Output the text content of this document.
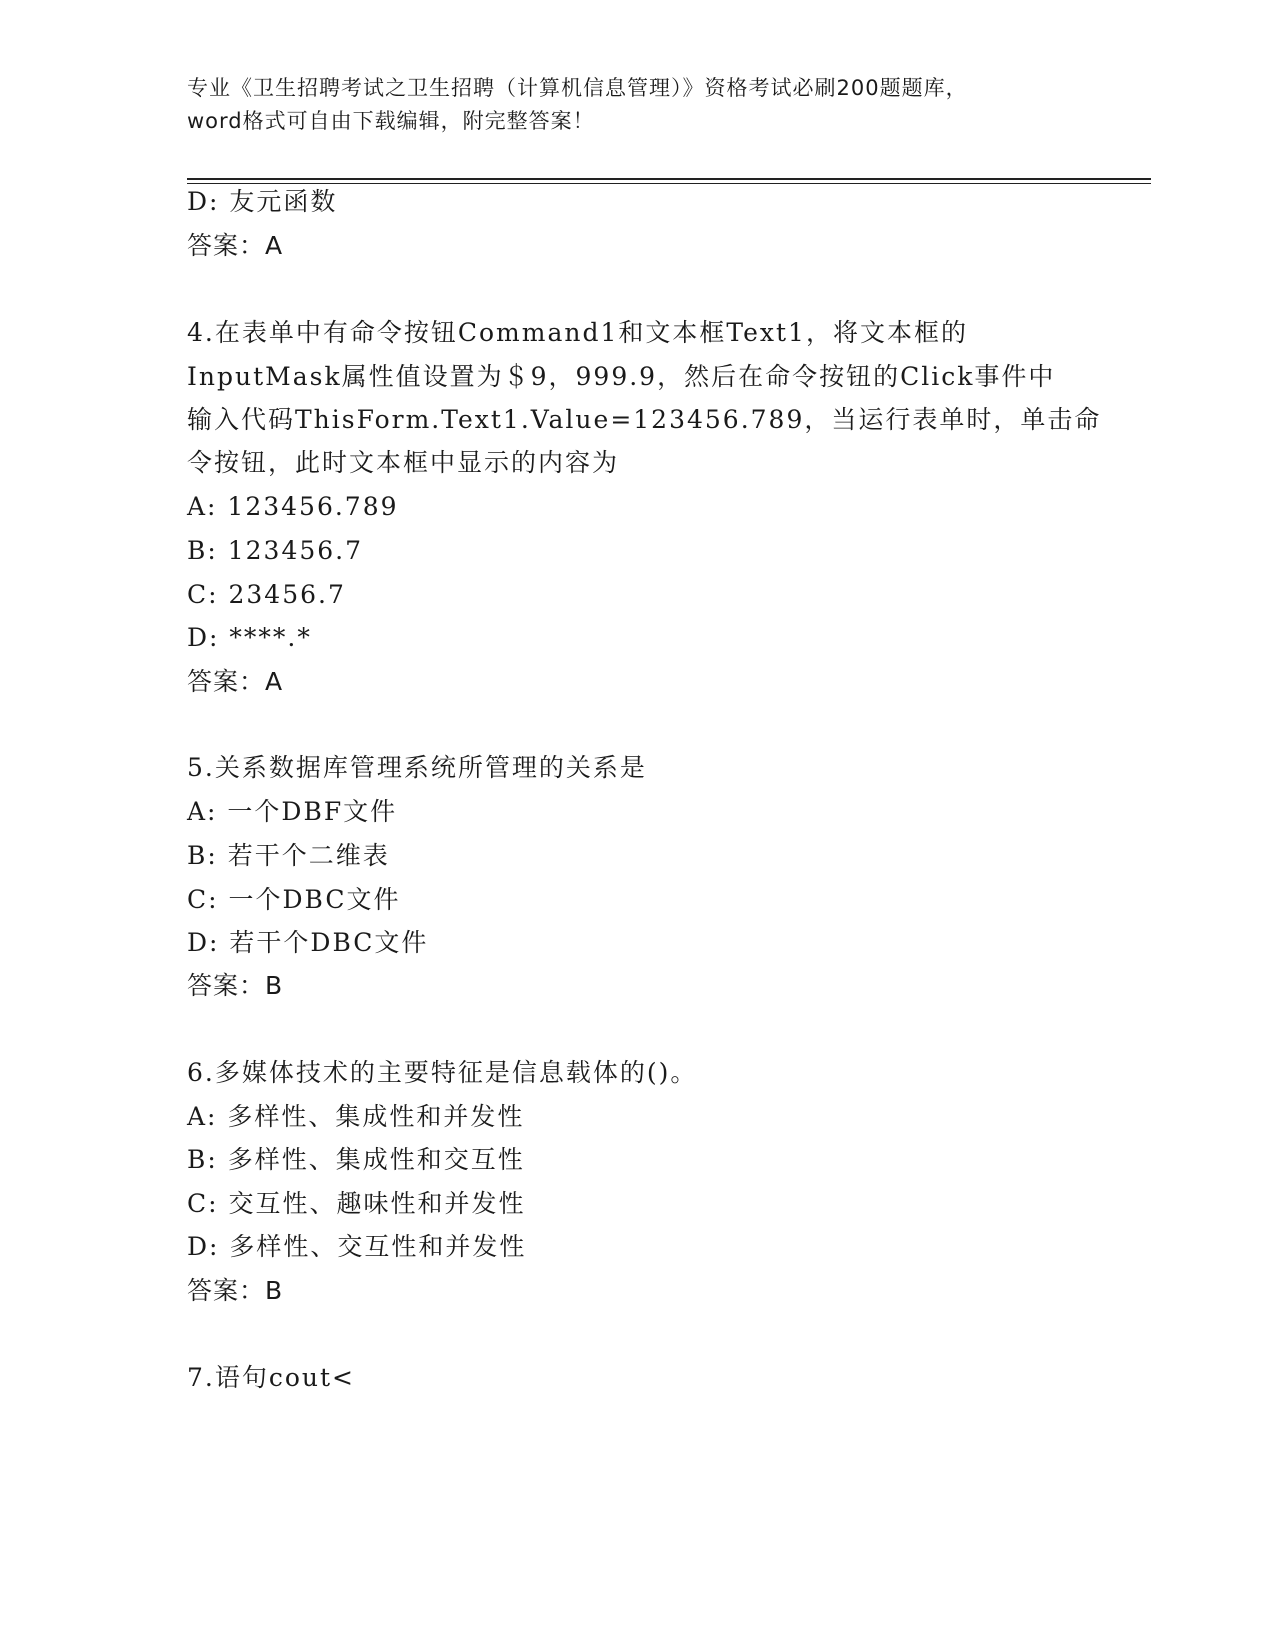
专业《卫生招聘考试之卫生招聘（计算机信息管理）》资格考试必刷200题题库，
word格式可自由下载编辑，附完整答案！
D: 友元函数
答案：A
4.在表单中有命令按钮Command1和文本框Text1，将文本框的
InputMask属性值设置为＄9，999.9，然后在命令按钮的Click事件中
输入代码ThisForm.Text1.Value=123456.789，当运行表单时，单击命
令按钮，此时文本框中显示的内容为
A: 123456.789
B: 123456.7
C: 23456.7
D: ****.*
答案：A
5.关系数据库管理系统所管理的关系是
A: 一个DBF文件
B: 若干个二维表
C: 一个DBC文件
D: 若干个DBC文件
答案：B
6.多媒体技术的主要特征是信息载体的()。
A: 多样性、集成性和并发性
B: 多样性、集成性和交互性
C: 交互性、趣味性和并发性
D: 多样性、交互性和并发性
答案：B
7.语句cout<
